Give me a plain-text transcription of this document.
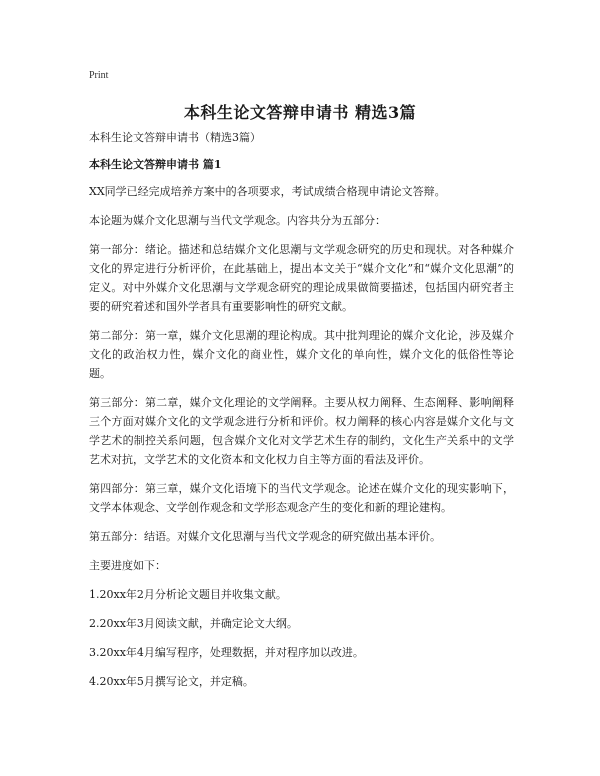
Print
本科生论文答辩申请书 精选3篇

本科生论文答辩申请书（精选3篇）

本科生论文答辩申请书 篇1

XX同学已经完成培养方案中的各项要求，考试成绩合格现申请论文答辩。

本论题为媒介文化思潮与当代文学观念。内容共分为五部分：

第一部分：绪论。描述和总结媒介文化思潮与文学观念研究的历史和现状。对各种媒介文化的界定进行分析评价，在此基础上，提出本文关于“媒介文化”和“媒介文化思潮”的定义。对中外媒介文化思潮与文学观念研究的理论成果做简要描述，包括国内研究者主要的研究着述和国外学者具有重要影响性的研究文献。

第二部分：第一章，媒介文化思潮的理论构成。其中批判理论的媒介文化论，涉及媒介文化的政治权力性，媒介文化的商业性，媒介文化的单向性，媒介文化的低俗性等论题。

第三部分：第二章，媒介文化理论的文学阐释。主要从权力阐释、生态阐释、影响阐释三个方面对媒介文化的文学观念进行分析和评价。权力阐释的核心内容是媒介文化与文学艺术的制控关系问题，包含媒介文化对文学艺术生存的制约，文化生产关系中的文学艺术对抗，文学艺术的文化资本和文化权力自主等方面的看法及评价。

第四部分：第三章，媒介文化语境下的当代文学观念。论述在媒介文化的现实影响下，文学本体观念、文学创作观念和文学形态观念产生的变化和新的理论建构。

第五部分：结语。对媒介文化思潮与当代文学观念的研究做出基本评价。

主要进度如下：

1.20xx年2月分析论文题目并收集文献。

2.20xx年3月阅读文献，并确定论文大纲。

3.20xx年4月编写程序，处理数据，并对程序加以改进。

4.20xx年5月撰写论文，并定稿。
